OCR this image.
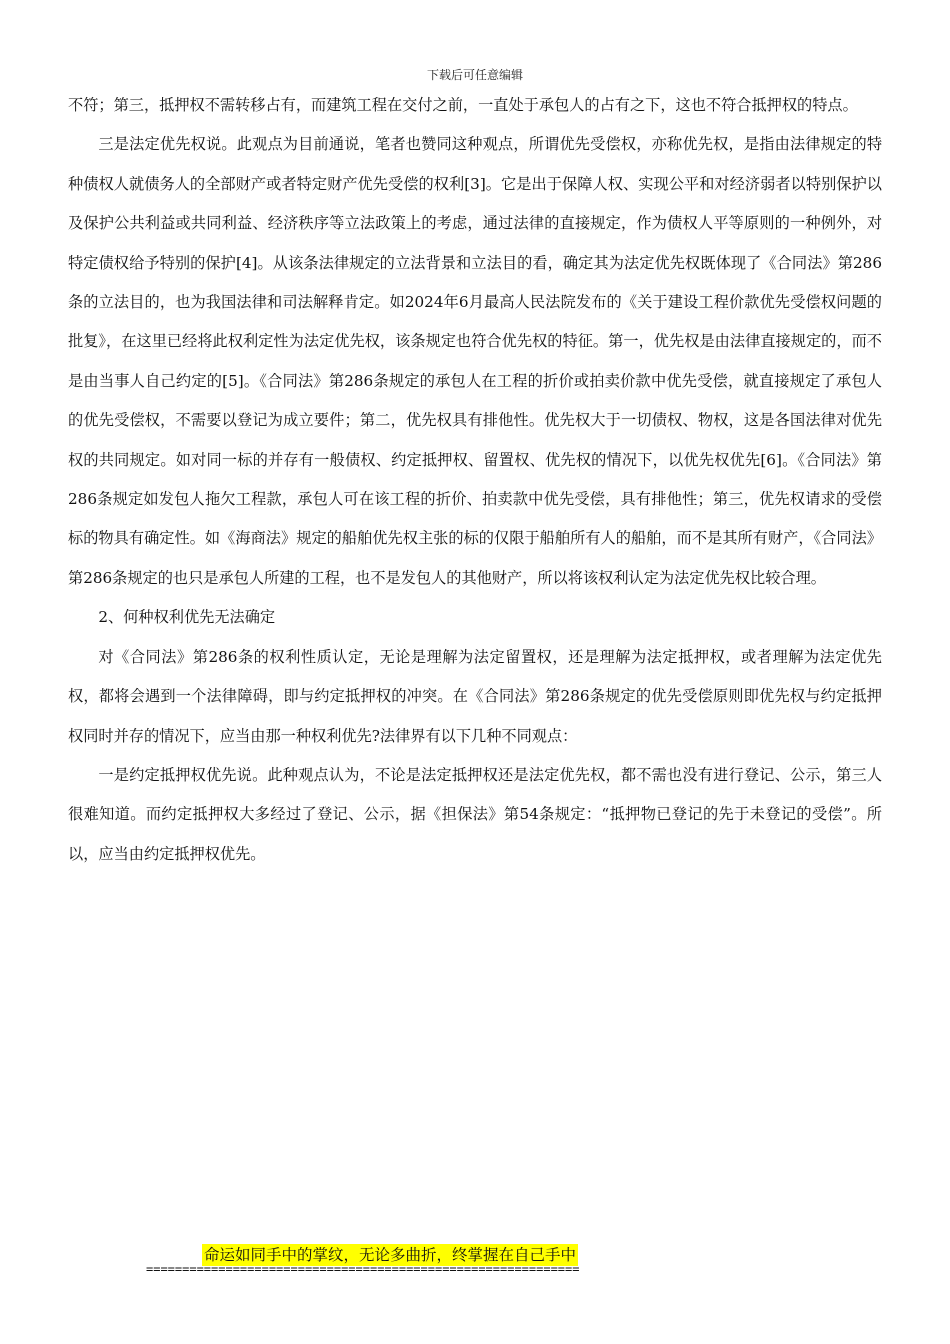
下载后可任意编辑

不符；第三，抵押权不需转移占有，而建筑工程在交付之前，一直处于承包人的占有之下，这也不符合抵押权的特点。

三是法定优先权说。此观点为目前通说，笔者也赞同这种观点，所谓优先受偿权，亦称优先权，是指由法律规定的特种债权人就债务人的全部财产或者特定财产优先受偿的权利[3]。它是出于保障人权、实现公平和对经济弱者以特别保护以及保护公共利益或共同利益、经济秩序等立法政策上的考虑，通过法律的直接规定，作为债权人平等原则的一种例外，对特定债权给予特别的保护[4]。从该条法律规定的立法背景和立法目的看，确定其为法定优先权既体现了《合同法》第286条的立法目的，也为我国法律和司法解释肯定。如2024年6月最高人民法院发布的《关于建设工程价款优先受偿权问题的批复》，在这里已经将此权利定性为法定优先权，该条规定也符合优先权的特征。第一，优先权是由法律直接规定的，而不是由当事人自己约定的[5]。《合同法》第286条规定的承包人在工程的折价或拍卖价款中优先受偿，就直接规定了承包人的优先受偿权，不需要以登记为成立要件；第二，优先权具有排他性。优先权大于一切债权、物权，这是各国法律对优先权的共同规定。如对同一标的并存有一般债权、约定抵押权、留置权、优先权的情况下，以优先权优先[6]。《合同法》第286条规定如发包人拖欠工程款，承包人可在该工程的折价、拍卖款中优先受偿，具有排他性；第三，优先权请求的受偿标的物具有确定性。如《海商法》规定的船舶优先权主张的标的仅限于船舶所有人的船舶，而不是其所有财产，《合同法》第286条规定的也只是承包人所建的工程，也不是发包人的其他财产，所以将该权利认定为法定优先权比较合理。

2、何种权利优先无法确定

对《合同法》第286条的权利性质认定，无论是理解为法定留置权，还是理解为法定抵押权，或者理解为法定优先权，都将会遇到一个法律障碍，即与约定抵押权的冲突。在《合同法》第286条规定的优先受偿原则即优先权与约定抵押权同时并存的情况下，应当由那一种权利优先?法律界有以下几种不同观点：

一是约定抵押权优先说。此种观点认为，不论是法定抵押权还是法定优先权，都不需也没有进行登记、公示，第三人很难知道。而约定抵押权大多经过了登记、公示，据《担保法》第54条规定：“抵押物已登记的先于未登记的受偿”。所以，应当由约定抵押权优先。

命运如同手中的掌纹，无论多曲折，终掌握在自己手中
============================================================
